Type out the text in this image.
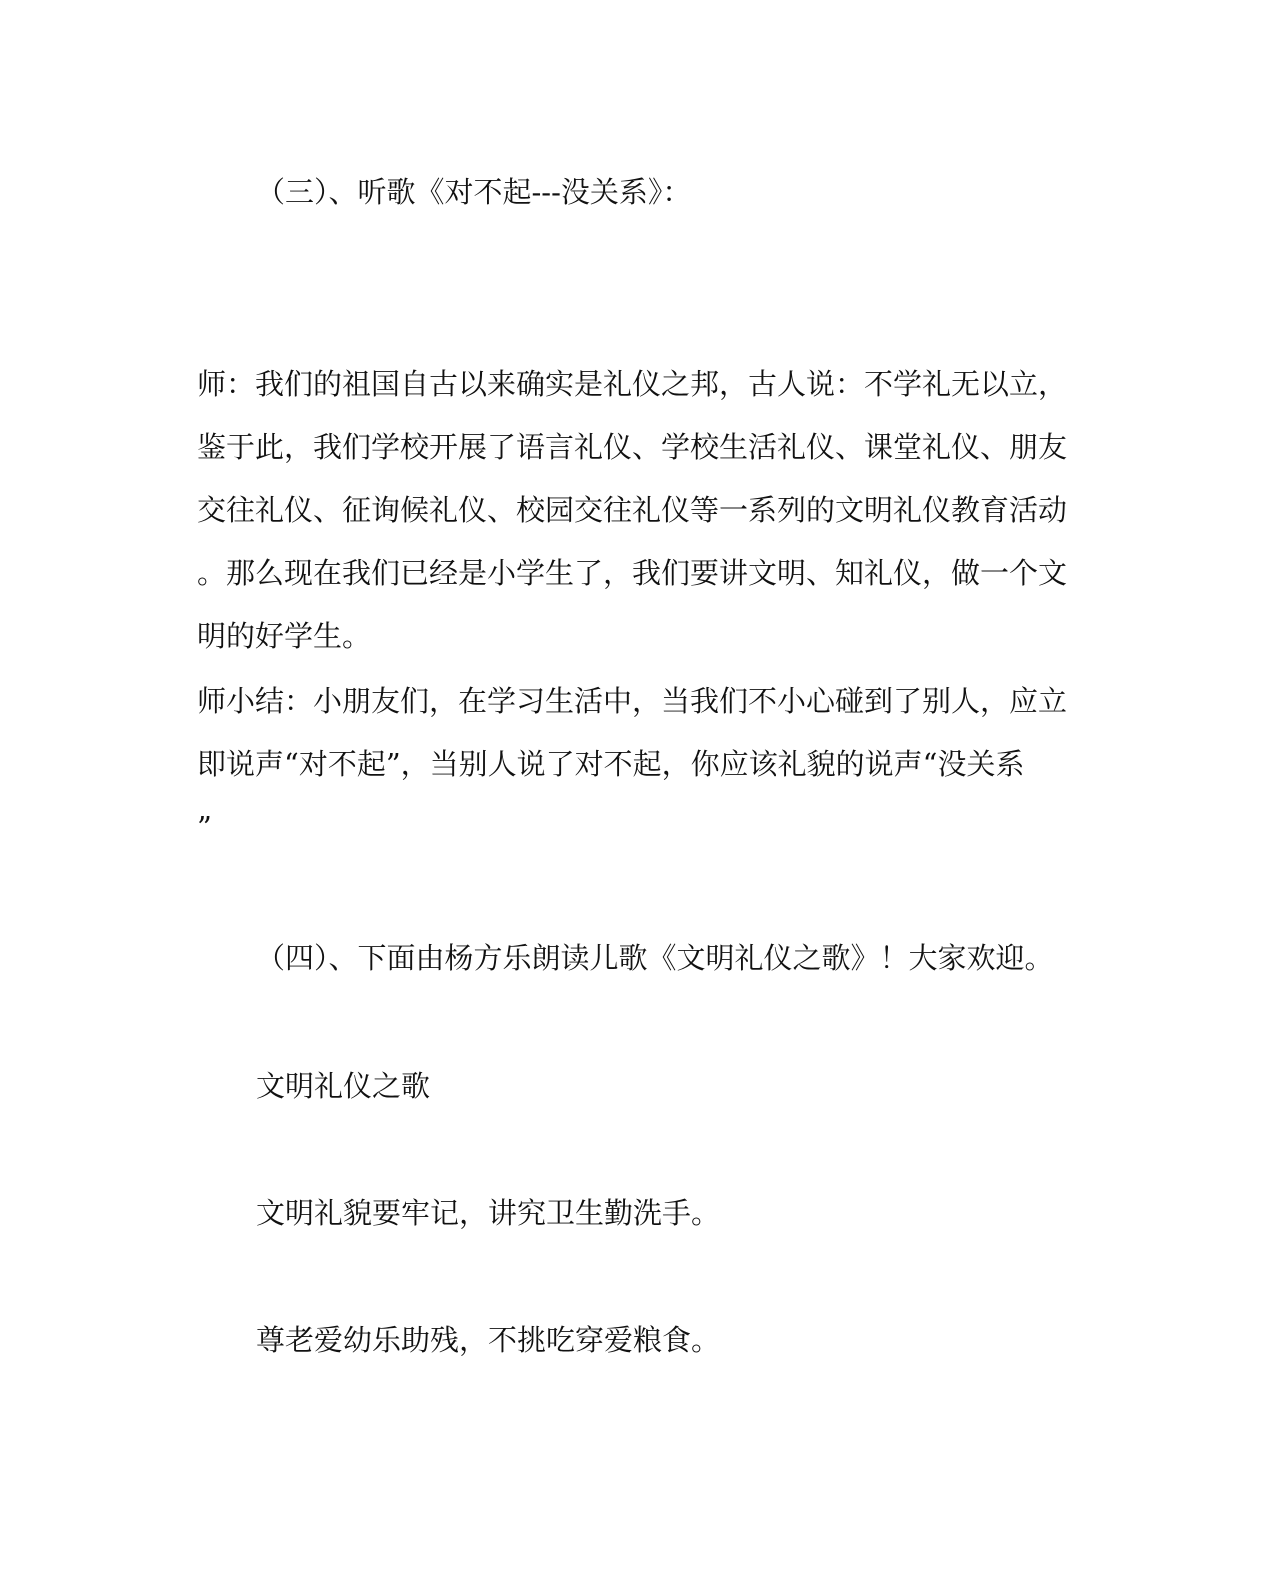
（三）、听歌《对不起---没关系》：
师：我们的祖国自古以来确实是礼仪之邦，古人说：不学礼无以立，
鉴于此，我们学校开展了语言礼仪、学校生活礼仪、课堂礼仪、朋友
交往礼仪、征询候礼仪、校园交往礼仪等一系列的文明礼仪教育活动
。那么现在我们已经是小学生了，我们要讲文明、知礼仪，做一个文
明的好学生。
师小结：小朋友们，在学习生活中，当我们不小心碰到了别人，应立
即说声“对不起”，当别人说了对不起，你应该礼貌的说声“没关系
”
（四）、下面由杨方乐朗读儿歌《文明礼仪之歌》！大家欢迎。
文明礼仪之歌
文明礼貌要牢记，讲究卫生勤洗手。
尊老爱幼乐助残，不挑吃穿爱粮食。
